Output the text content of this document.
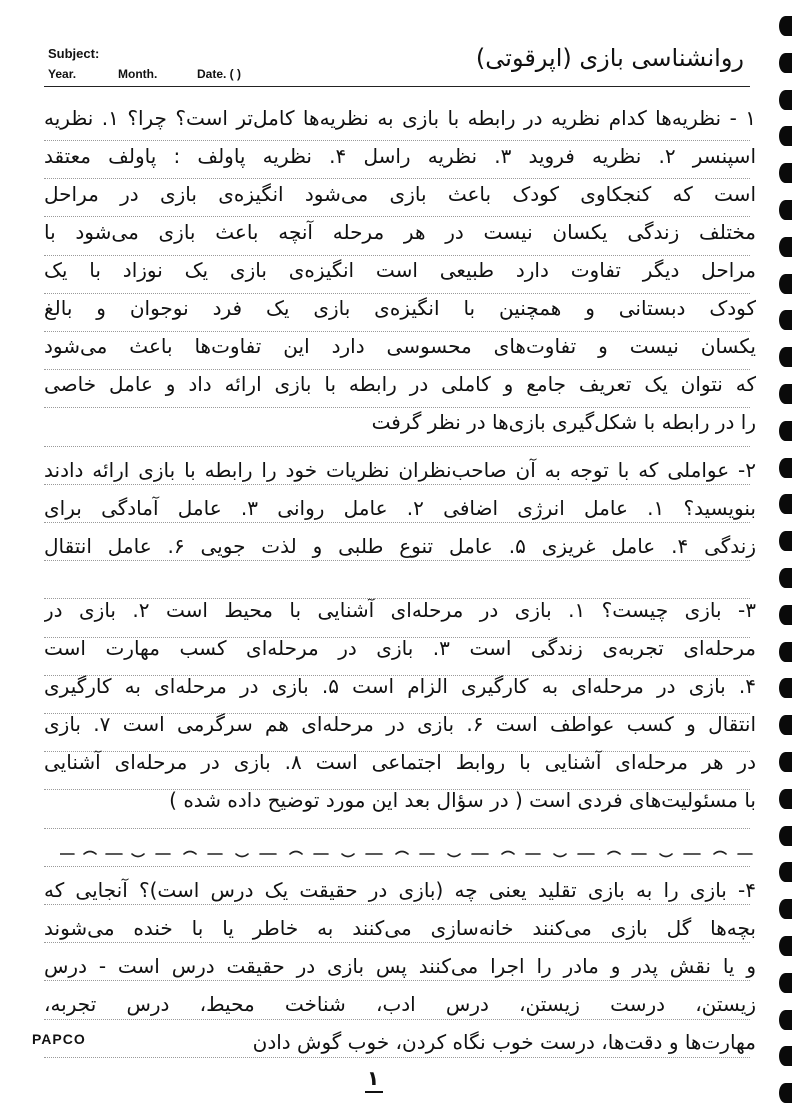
Subject:
Year.	Month.	Date. ( )
روانشناسی بازی (اپرقوتی)
۱ - نظریه‌ها کدام نظریه در رابطه با بازی به نظریه‌ها کامل‌تر است؟ چرا؟ ۱. نظریه
اسپنسر ۲. نظریه فروید ۳. نظریه راسل ۴. نظریه پاولف : پاولف معتقد
است که کنجکاوی کودک باعث بازی می‌شود انگیزه‌ی بازی در مراحل
مختلف زندگی یکسان نیست در هر مرحله آنچه باعث بازی می‌شود با
مراحل دیگر تفاوت دارد طبیعی است انگیزه‌ی بازی یک نوزاد با یک
کودک دبستانی و همچنین با انگیزه‌ی بازی یک فرد نوجوان و بالغ
یکسان نیست و تفاوت‌های محسوسی دارد این تفاوت‌ها باعث می‌شود
که نتوان یک تعریف جامع و کاملی در رابطه با بازی ارائه داد و عامل خاصی
را در رابطه با شکل‌گیری بازی‌ها در نظر گرفت
۲- عواملی که با توجه به آن صاحب‌نظران نظریات خود را رابطه با بازی ارائه دادند
بنویسید؟ ۱. عامل انرژی اضافی ۲. عامل روانی ۳. عامل آمادگی برای
زندگی ۴. عامل غریزی ۵. عامل تنوع طلبی و لذت جویی ۶. عامل انتقال
۳- بازی چیست؟ ۱. بازی در مرحله‌ای آشنایی با محیط است ۲. بازی در
مرحله‌ای تجربه‌ی زندگی است ۳. بازی در مرحله‌ای کسب مهارت است
۴. بازی در مرحله‌ای به کارگیری الزام است ۵. بازی در مرحله‌ای به کارگیری
انتقال و کسب عواطف است ۶. بازی در مرحله‌ای هم سرگرمی است ۷. بازی
در هر مرحله‌ای آشنایی با روابط اجتماعی است ۸. بازی در مرحله‌ای آشنایی
با مسئولیت‌های فردی است ( در سؤال بعد این مورد توضیح داده شده )
۴- بازی را به بازی تقلید یعنی چه (بازی در حقیقت یک درس است)؟ آنجایی که
بچه‌ها گل بازی می‌کنند خانه‌سازی می‌کنند به خاطر یا با خنده می‌شوند
و یا نقش پدر و مادر را اجرا می‌کنند پس بازی در حقیقت درس است - درس
زیستن، درست زیستن، درس ادب، شناخت محیط، درس تجربه،
مهارت‌ها و دقت‌ها، درست خوب نگاه کردن، خوب گوش دادن
PAPCO
۱
